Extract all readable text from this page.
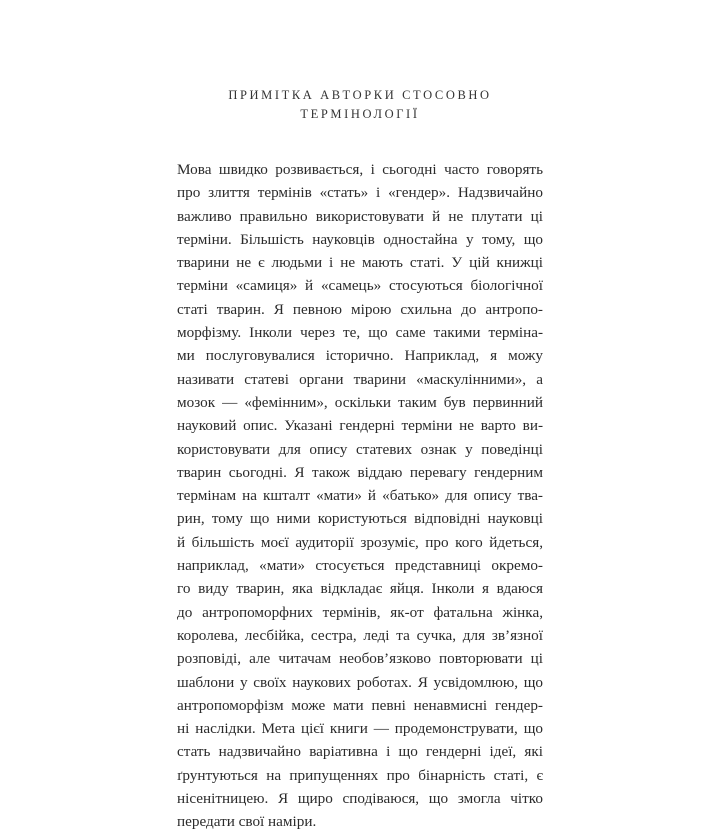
ПРИМІТКА АВТОРКИ СТОСОВНО
ТЕРМІНОЛОГІЇ
Мова швидко розвивається, і сьогодні часто говорять
про злиття термінів «стать» і «гендер». Надзвичайно
важливо правильно використовувати й не плутати ці
терміни. Більшість науковців одностайна у тому, що
тварини не є людьми і не мають статі. У цій книжці
терміни «самиця» й «самець» стосуються біологічної
статі тварин. Я певною мірою схильна до антропо-
морфізму. Інколи через те, що саме такими терміна-
ми послуговувалися історично. Наприклад, я можу
називати статеві органи тварини «маскулінними», а
мозок — «фемінним», оскільки таким був первинний
науковий опис. Указані гендерні терміни не варто ви-
користовувати для опису статевих ознак у поведінці
тварин сьогодні. Я також віддаю перевагу гендерним
термінам на кшталт «мати» й «батько» для опису тва-
рин, тому що ними користуються відповідні науковці
й більшість моєї аудиторії зрозуміє, про кого йдеться,
наприклад, «мати» стосується представниці окремо-
го виду тварин, яка відкладає яйця. Інколи я вдаюся
до антропоморфних термінів, як-от фатальна жінка,
королева, лесбійка, сестра, леді та сучка, для зв’язної
розповіді, але читачам необов’язково повторювати ці
шаблони у своїх наукових роботах. Я усвідомлюю, що
антропоморфізм може мати певні ненавмисні гендер-
ні наслідки. Мета цієї книги — продемонструвати, що
стать надзвичайно варіативна і що гендерні ідеї, які
ґрунтуються на припущеннях про бінарність статі, є
нісенітницею. Я щиро сподіваюся, що змогла чітко
передати свої наміри.
